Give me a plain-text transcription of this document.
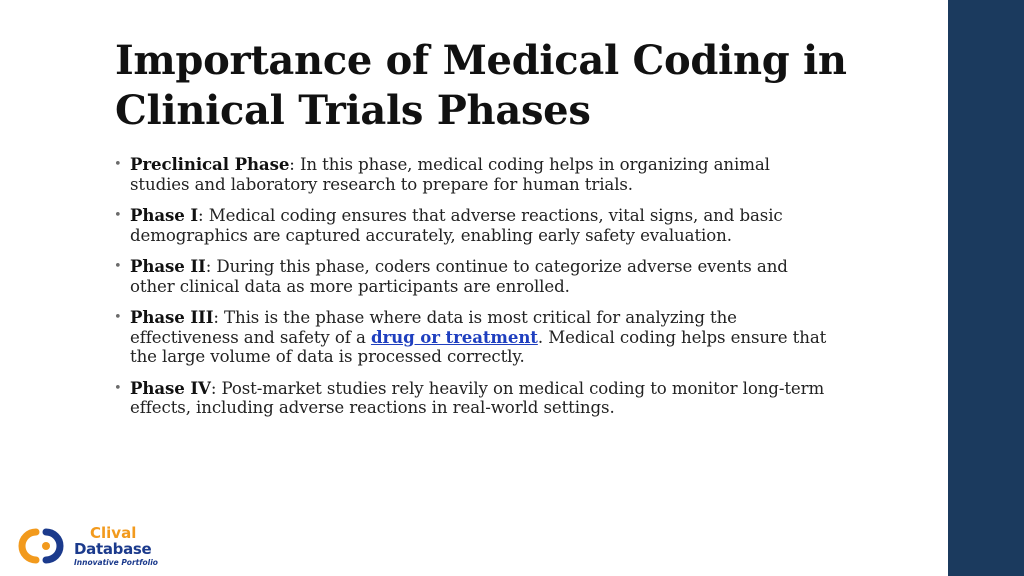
Importance of Medical Coding in Clinical Trials Phases
• Preclinical Phase: In this phase, medical coding helps in organizing animal studies and laboratory research to prepare for human trials.
• Phase I: Medical coding ensures that adverse reactions, vital signs, and basic demographics are captured accurately, enabling early safety evaluation.
• Phase II: During this phase, coders continue to categorize adverse events and other clinical data as more participants are enrolled.
• Phase III: This is the phase where data is most critical for analyzing the effectiveness and safety of a drug or treatment. Medical coding helps ensure that the large volume of data is processed correctly.
• Phase IV: Post-market studies rely heavily on medical coding to monitor long-term effects, including adverse reactions in real-world settings.
Clival
Database
Innovative Portfolio
